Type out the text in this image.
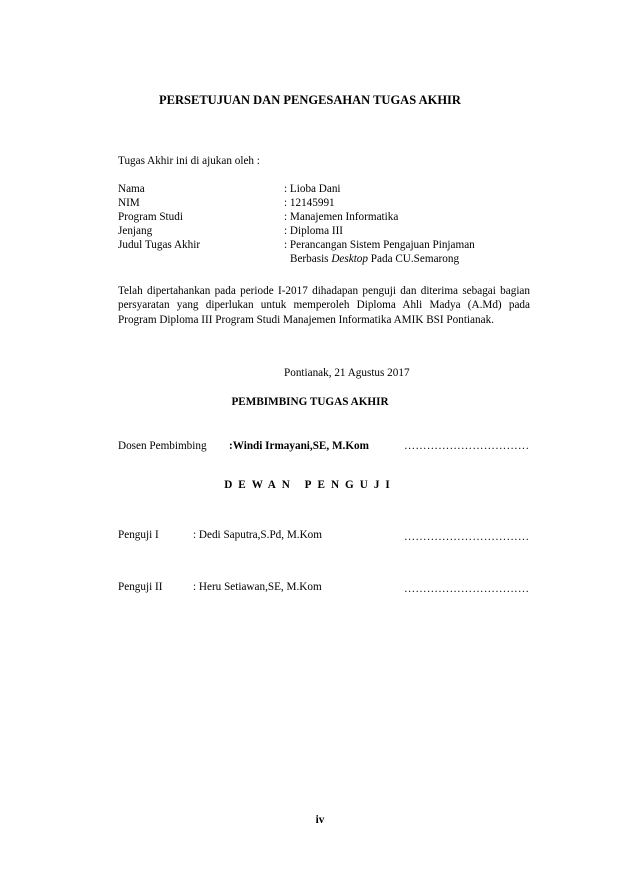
PERSETUJUAN DAN PENGESAHAN TUGAS AKHIR
Tugas Akhir ini di ajukan oleh :
Nama	: Lioba Dani
NIM	: 12145991
Program Studi	: Manajemen Informatika
Jenjang	: Diploma III
Judul Tugas Akhir	: Perancangan Sistem Pengajuan Pinjaman
Berbasis Desktop Pada CU.Semarong
Telah dipertahankan pada periode I-2017 dihadapan penguji dan diterima sebagai bagian persyaratan yang diperlukan untuk memperoleh Diploma Ahli Madya (A.Md) pada Program Diploma III Program Studi Manajemen Informatika AMIK BSI Pontianak.
Pontianak, 21 Agustus 2017
PEMBIMBING TUGAS AKHIR
Dosen Pembimbing :Windi Irmayani,SE, M.Kom	……………………………
DEWAN PENGUJI
Penguji I	: Dedi Saputra,S.Pd, M.Kom	……………………………
Penguji II	: Heru Setiawan,SE, M.Kom	……………………………
iv
